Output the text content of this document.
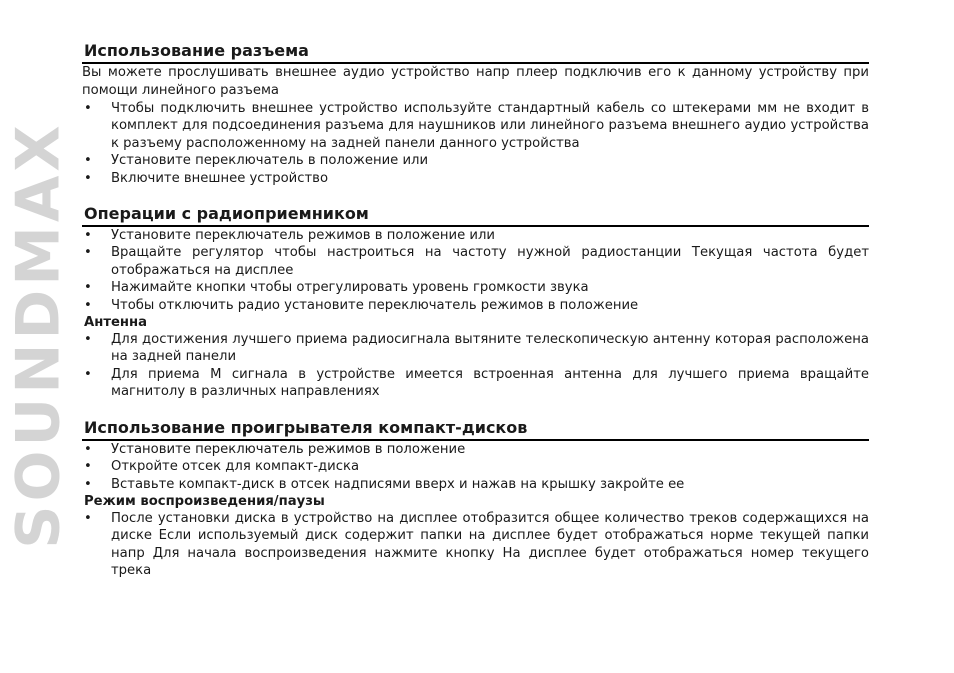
SOUNDMAX
Использование разъема
Вы можете прослушивать внешнее аудио устройство напр плеер подключив его к данному устройству при помощи линейного разъема
• Чтобы подключить внешнее устройство используйте стандартный кабель со штекерами мм не входит в комплект для подсоединения разъема для наушников или линейного разъема внешнего аудио устройства к разъему расположенному на задней панели данного устройства
• Установите переключатель в положение или
• Включите внешнее устройство
Операции с радиоприемником
• Установите переключатель режимов в положение или
• Вращайте регулятор чтобы настроиться на частоту нужной радиостанции Текущая частота будет отображаться на дисплее
• Нажимайте кнопки чтобы отрегулировать уровень громкости звука
• Чтобы отключить радио установите переключатель режимов в положение
Антенна
• Для достижения лучшего приема радиосигнала вытяните телескопическую антенну которая расположена на задней панели
• Для приема М сигнала в устройстве имеется встроенная антенна для лучшего приема вращайте магнитолу в различных направлениях
Использование проигрывателя компакт-дисков
• Установите переключатель режимов в положение
• Откройте отсек для компакт-диска
• Вставьте компакт-диск в отсек надписями вверх и нажав на крышку закройте ее
Режим воспроизведения/паузы
• После установки диска в устройство на дисплее отобразится общее количество треков содержащихся на диске Если используемый диск содержит папки на дисплее будет отображаться норме текущей папки напр Для начала воспроизведения нажмите кнопку На дисплее будет отображаться номер текущего трека
